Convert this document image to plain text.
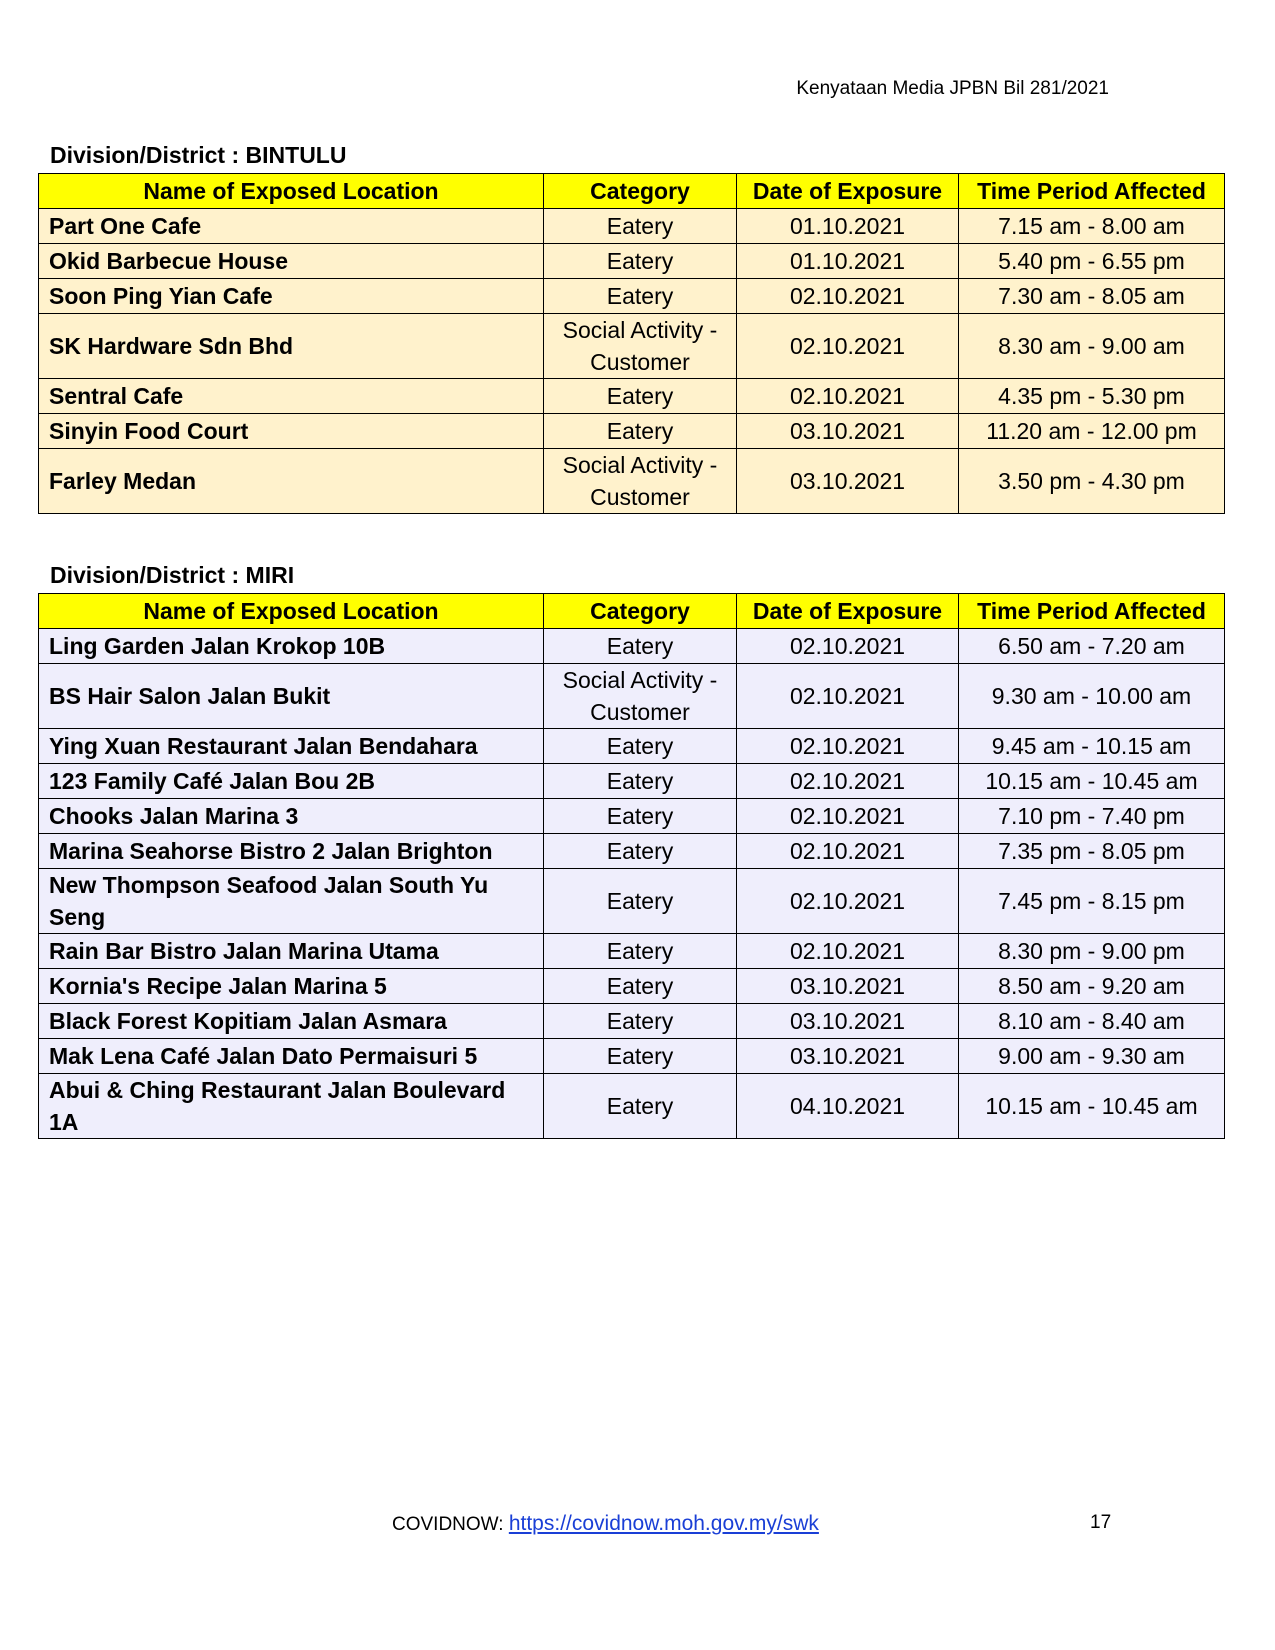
Kenyataan Media JPBN Bil 281/2021
Division/District : BINTULU
Name of Exposed Location	Category	Date of Exposure	Time Period Affected
Part One Cafe	Eatery	01.10.2021	7.15 am - 8.00 am
Okid Barbecue House	Eatery	01.10.2021	5.40 pm - 6.55 pm
Soon Ping Yian Cafe	Eatery	02.10.2021	7.30 am - 8.05 am
SK Hardware Sdn Bhd	Social Activity - Customer	02.10.2021	8.30 am - 9.00 am
Sentral Cafe	Eatery	02.10.2021	4.35 pm - 5.30 pm
Sinyin Food Court	Eatery	03.10.2021	11.20 am - 12.00 pm
Farley Medan	Social Activity - Customer	03.10.2021	3.50 pm - 4.30 pm
Division/District : MIRI
Name of Exposed Location	Category	Date of Exposure	Time Period Affected
Ling Garden Jalan Krokop 10B	Eatery	02.10.2021	6.50 am - 7.20 am
BS Hair Salon Jalan Bukit	Social Activity - Customer	02.10.2021	9.30 am - 10.00 am
Ying Xuan Restaurant Jalan Bendahara	Eatery	02.10.2021	9.45 am - 10.15 am
123 Family Café Jalan Bou 2B	Eatery	02.10.2021	10.15 am - 10.45 am
Chooks Jalan Marina 3	Eatery	02.10.2021	7.10 pm - 7.40 pm
Marina Seahorse Bistro 2 Jalan Brighton	Eatery	02.10.2021	7.35 pm - 8.05 pm
New Thompson Seafood Jalan South Yu Seng	Eatery	02.10.2021	7.45 pm - 8.15 pm
Rain Bar Bistro Jalan Marina Utama	Eatery	02.10.2021	8.30 pm - 9.00 pm
Kornia's Recipe Jalan Marina 5	Eatery	03.10.2021	8.50 am - 9.20 am
Black Forest Kopitiam Jalan Asmara	Eatery	03.10.2021	8.10 am - 8.40 am
Mak Lena Café Jalan Dato Permaisuri 5	Eatery	03.10.2021	9.00 am - 9.30 am
Abui & Ching Restaurant Jalan Boulevard 1A	Eatery	04.10.2021	10.15 am - 10.45 am
COVIDNOW: https://covidnow.moh.gov.my/swk	17
